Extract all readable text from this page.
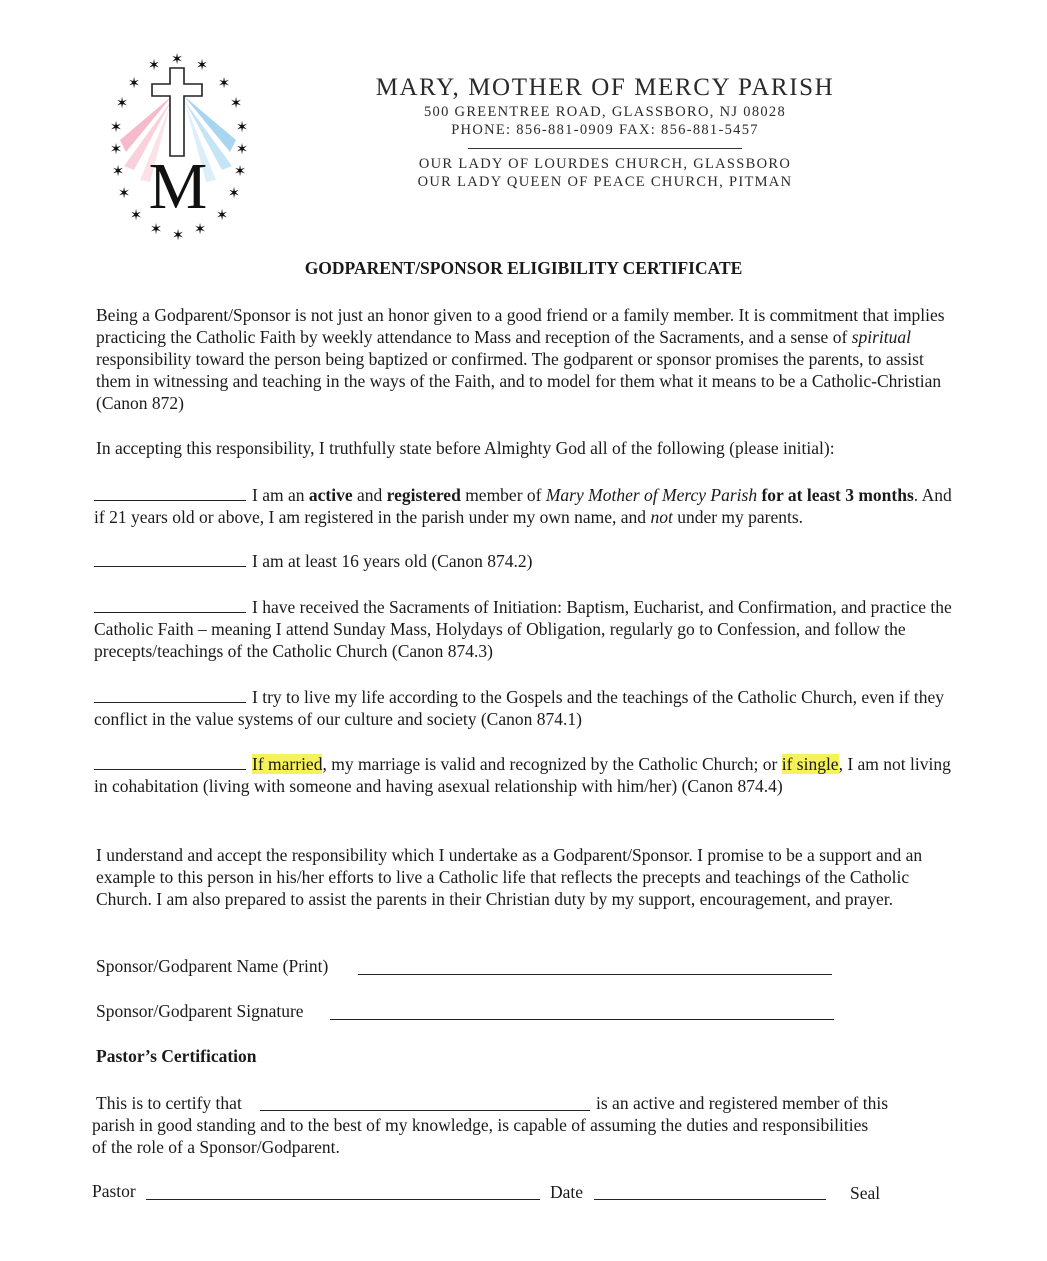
M
✶ ✶ ✶
✶	✶
✶	✶
✶	✶
✶	✶
✶	✶
✶	✶
✶	✶
✶ ✶ ✶
MARY, MOTHER OF MERCY PARISH
500 GREENTREE ROAD, GLASSBORO, NJ 08028
PHONE: 856-881-0909 FAX: 856-881-5457
OUR LADY OF LOURDES CHURCH, GLASSBORO
OUR LADY QUEEN OF PEACE CHURCH, PITMAN
GODPARENT/SPONSOR ELIGIBILITY CERTIFICATE
Being a Godparent/Sponsor is not just an honor given to a good friend or a family member. It is commitment that implies practicing the Catholic Faith by weekly attendance to Mass and reception of the Sacraments, and a sense of spiritual responsibility toward the person being baptized or confirmed. The godparent or sponsor promises the parents, to assist them in witnessing and teaching in the ways of the Faith, and to model for them what it means to be a Catholic-Christian (Canon 872)
In accepting this responsibility, I truthfully state before Almighty God all of the following (please initial):
I am an active and registered member of Mary Mother of Mercy Parish for at least 3 months. And if 21 years old or above, I am registered in the parish under my own name, and not under my parents.
I am at least 16 years old (Canon 874.2)
I have received the Sacraments of Initiation: Baptism, Eucharist, and Confirmation, and practice the Catholic Faith – meaning I attend Sunday Mass, Holydays of Obligation, regularly go to Confession, and follow the precepts/teachings of the Catholic Church (Canon 874.3)
I try to live my life according to the Gospels and the teachings of the Catholic Church, even if they conflict in the value systems of our culture and society (Canon 874.1)
If married, my marriage is valid and recognized by the Catholic Church; or if single, I am not living in cohabitation (living with someone and having asexual relationship with him/her) (Canon 874.4)
I understand and accept the responsibility which I undertake as a Godparent/Sponsor. I promise to be a support and an example to this person in his/her efforts to live a Catholic life that reflects the precepts and teachings of the Catholic Church. I am also prepared to assist the parents in their Christian duty by my support, encouragement, and prayer.
Sponsor/Godparent Name (Print)
Sponsor/Godparent Signature
Pastor’s Certification
This is to certify that	is an active and registered member of this
parish in good standing and to the best of my knowledge, is capable of assuming the duties and responsibilities of the role of a Sponsor/Godparent.
Pastor	Date	Seal
